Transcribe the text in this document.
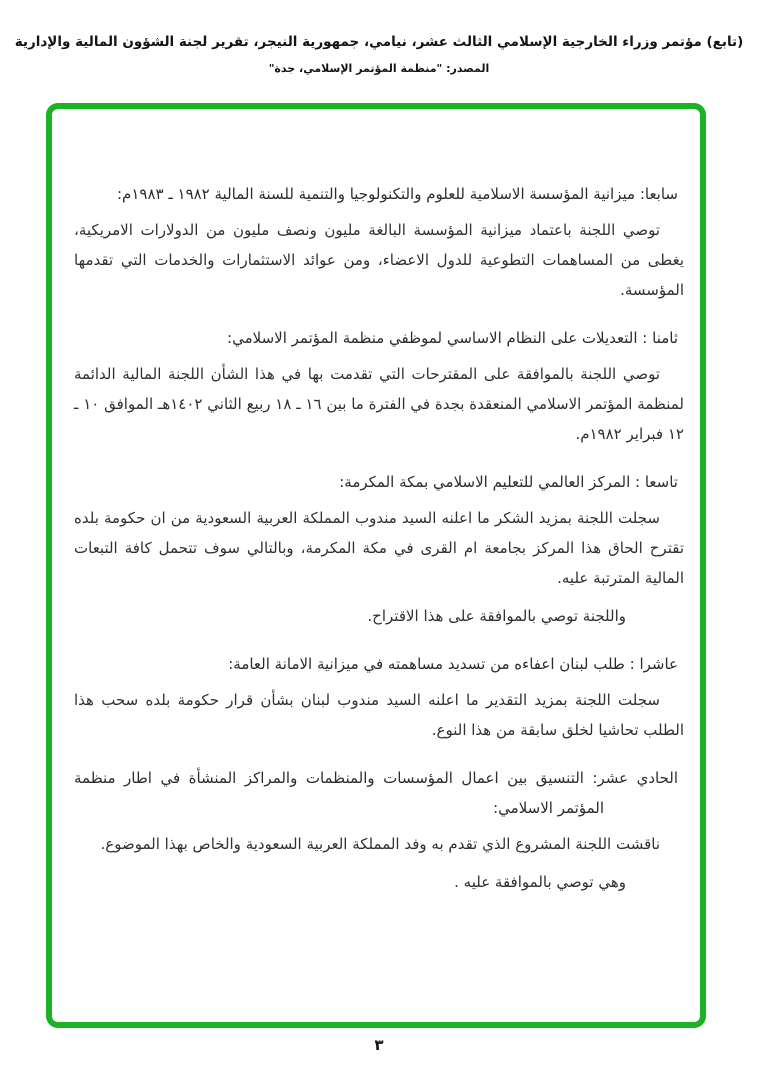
(تابع) مؤتمر وزراء الخارجية الإسلامي الثالث عشر، نيامي، جمهورية النيجر، تقرير لجنة الشؤون المالية والإدارية
المصدر: "منظمة المؤتمر الإسلامي، جدة"

سابعا: ميزانية المؤسسة الاسلامية للعلوم والتكنولوجيا والتنمية للسنة المالية ١٩٨٢ ـ ١٩٨٣م:

توصي اللجنة باعتماد ميزانية المؤسسة البالغة مليون ونصف مليون من الدولارات الامريكية، يغطى من المساهمات التطوعية للدول الاعضاء، ومن عوائد الاستثمارات والخدمات التي تقدمها المؤسسة.

ثامنا : التعديلات على النظام الاساسي لموظفي منظمة المؤتمر الاسلامي:

توصي اللجنة بالموافقة على المقترحات التي تقدمت بها في هذا الشأن اللجنة المالية الدائمة لمنظمة المؤتمر الاسلامي المنعقدة بجدة في الفترة ما بين ١٦ ـ ١٨ ربيع الثاني ١٤٠٢هـ الموافق ١٠ ـ ١٢ فبراير ١٩٨٢م.

تاسعا : المركز العالمي للتعليم الاسلامي بمكة المكرمة:

سجلت اللجنة بمزيد الشكر ما اعلنه السيد مندوب المملكة العربية السعودية من ان حكومة بلده تقترح الحاق هذا المركز بجامعة ام القرى في مكة المكرمة، وبالتالي سوف تتحمل كافة التبعات المالية المترتبة عليه.

واللجنة توصي بالموافقة على هذا الاقتراح.

عاشرا : طلب لبنان اعفاءه من تسديد مساهمته في ميزانية الامانة العامة:

سجلت اللجنة بمزيد التقدير ما اعلنه السيد مندوب لبنان بشأن قرار حكومة بلده سحب هذا الطلب تحاشيا لخلق سابقة من هذا النوع.

الحادي عشر: التنسيق بين اعمال المؤسسات والمنظمات والمراكز المنشأة في اطار منظمة المؤتمر الاسلامي:

ناقشت اللجنة المشروع الذي تقدم به وفد المملكة العربية السعودية والخاص بهذا الموضوع.

وهي توصي بالموافقة عليه .

٣
